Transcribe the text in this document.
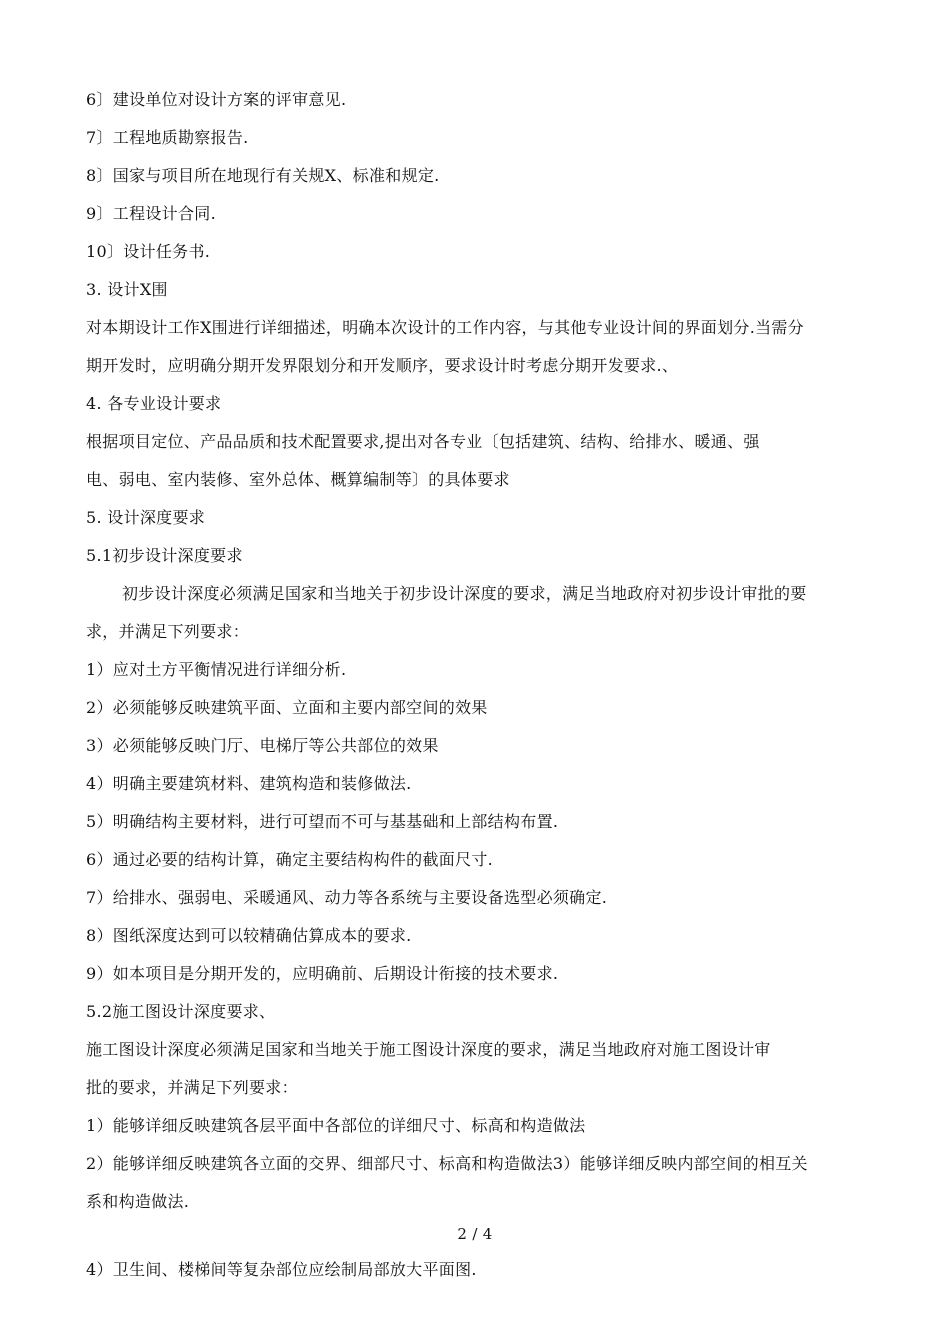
6〕建设单位对设计方案的评审意见.
7〕工程地质勘察报告.
8〕国家与项目所在地现行有关规X、标准和规定.
9〕工程设计合同.
10〕设计任务书.
3. 设计X围
对本期设计工作X围进行详细描述，明确本次设计的工作内容，与其他专业设计间的界面划分.当需分
期开发时，应明确分期开发界限划分和开发顺序，要求设计时考虑分期开发要求.、
4. 各专业设计要求
根据项目定位、产品品质和技术配置要求,提出对各专业〔包括建筑、结构、给排水、暖通、强
电、弱电、室内装修、室外总体、概算编制等〕的具体要求
5. 设计深度要求
5.1初步设计深度要求
初步设计深度必须满足国家和当地关于初步设计深度的要求，满足当地政府对初步设计审批的要
求，并满足下列要求：
1）应对土方平衡情况进行详细分析.
2）必须能够反映建筑平面、立面和主要内部空间的效果
3）必须能够反映门厅、电梯厅等公共部位的效果
4）明确主要建筑材料、建筑构造和装修做法.
5）明确结构主要材料，进行可望而不可与基基础和上部结构布置.
6）通过必要的结构计算，确定主要结构构件的截面尺寸.
7）给排水、强弱电、采暖通风、动力等各系统与主要设备选型必须确定.
8）图纸深度达到可以较精确估算成本的要求.
9）如本项目是分期开发的，应明确前、后期设计衔接的技术要求.
5.2施工图设计深度要求、
施工图设计深度必须满足国家和当地关于施工图设计深度的要求，满足当地政府对施工图设计审
批的要求，并满足下列要求：
1）能够详细反映建筑各层平面中各部位的详细尺寸、标高和构造做法
2）能够详细反映建筑各立面的交界、细部尺寸、标高和构造做法3）能够详细反映内部空间的相互关
系和构造做法.
2 / 4
4）卫生间、楼梯间等复杂部位应绘制局部放大平面图.
